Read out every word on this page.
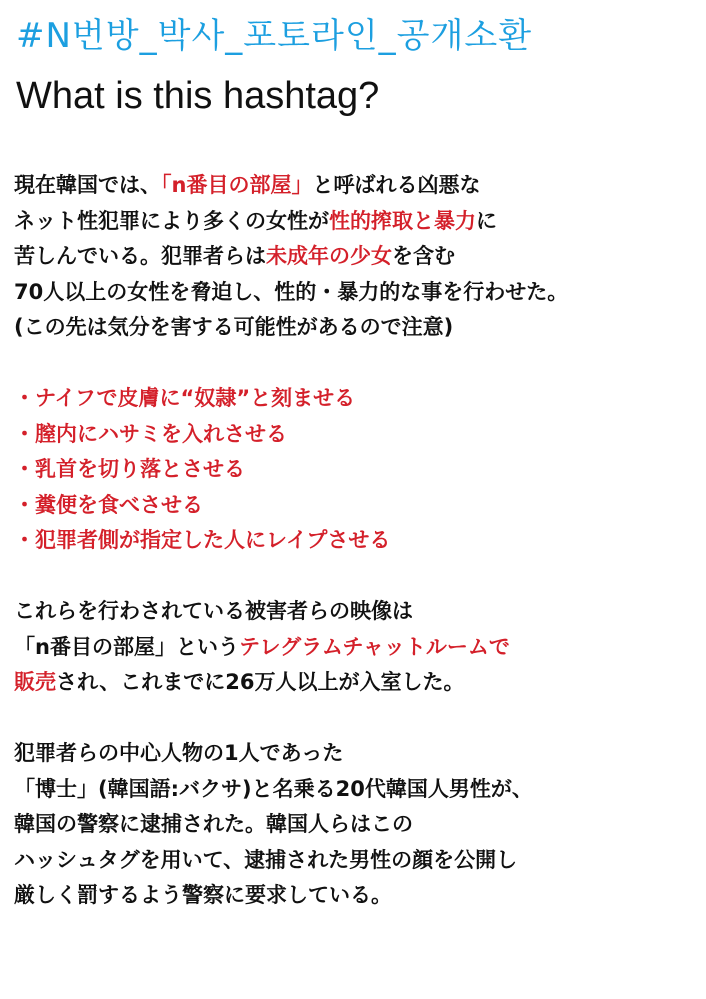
#N번방_박사_포토라인_공개소환
What is this hashtag?
現在韓国では、「n番目の部屋」と呼ばれる凶悪な
ネット性犯罪により多くの女性が性的搾取と暴力に
苦しんでいる。犯罪者らは未成年の少女を含む
70人以上の女性を脅迫し、性的・暴力的な事を行わせた。
(この先は気分を害する可能性があるので注意)
・ナイフで皮膚に“奴隷”と刻ませる
・膣内にハサミを入れさせる
・乳首を切り落とさせる
・糞便を食べさせる
・犯罪者側が指定した人にレイプさせる
これらを行わされている被害者らの映像は
「n番目の部屋」というテレグラムチャットルームで
販売され、これまでに26万人以上が入室した。
犯罪者らの中心人物の1人であった
「博士」(韓国語:バクサ)と名乗る20代韓国人男性が、
韓国の警察に逮捕された。韓国人らはこの
ハッシュタグを用いて、逮捕された男性の顔を公開し
厳しく罰するよう警察に要求している。
